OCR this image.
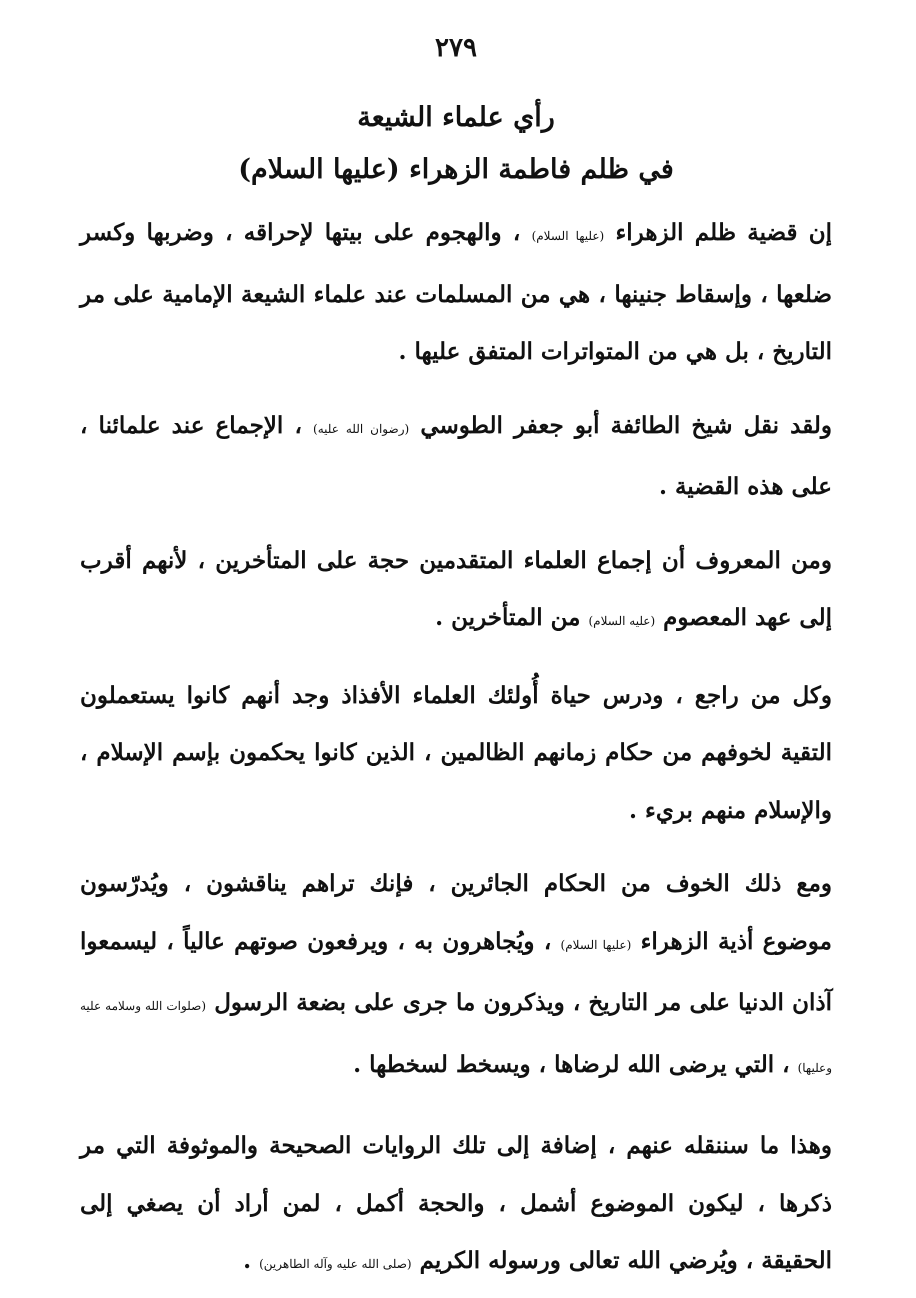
٢٧٩
رأي علماء الشيعة
في ظلم فاطمة الزهراء (عليها السلام)

إن قضية ظلم الزهراء (عليها السلام) ، والهجوم على بيتها لإحراقه ، وضربها وكسر ضلعها ، وإسقاط جنينها ، هي من المسلمات عند علماء الشيعة الإمامية على مر التاريخ ، بل هي من المتواترات المتفق عليها .

ولقد نقل شيخ الطائفة أبو جعفر الطوسي (رضوان الله عليه) ، الإجماع عند علمائنا ، على هذه القضية .

ومن المعروف أن إجماع العلماء المتقدمين حجة على المتأخرين ، لأنهم أقرب إلى عهد المعصوم (عليه السلام) من المتأخرين .

وكل من راجع ، ودرس حياة أُولئك العلماء الأفذاذ وجد أنهم كانوا يستعملون التقية لخوفهم من حكام زمانهم الظالمين ، الذين كانوا يحكمون بإسم الإسلام ، والإسلام منهم بريء .

ومع ذلك الخوف من الحكام الجائرين ، فإنك تراهم يناقشون ، ويُدرّسون موضوع أذية الزهراء (عليها السلام) ، ويُجاهرون به ، ويرفعون صوتهم عالياً ، ليسمعوا آذان الدنيا على مر التاريخ ، ويذكرون ما جرى على بضعة الرسول (صلوات الله وسلامه عليه وعليها) ، التي يرضى الله لرضاها ، ويسخط لسخطها .

وهذا ما سننقله عنهم ، إضافة إلى تلك الروايات الصحيحة والموثوفة التي مر ذكرها ، ليكون الموضوع أشمل ، والحجة أكمل ، لمن أراد أن يصغي إلى الحقيقة ، ويُرضي الله تعالى ورسوله الكريم (صلى الله عليه وآله الطاهرين) .
